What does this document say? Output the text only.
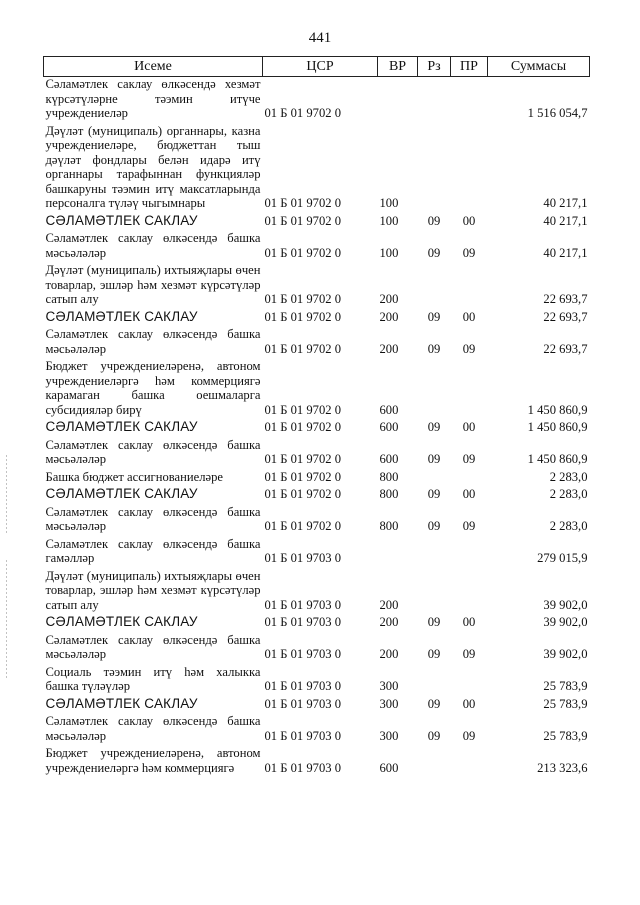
441
Исеме	ЦСР	ВР	Рз	ПР	Суммасы
Сәламәтлек саклау өлкәсендә хезмәт күрсәтүләрне тәэмин итүче учреждениеләр	01 Б 01 9702 0				1 516 054,7
Дәүләт (муниципаль) органнары, казна учреждениеләре, бюджеттан тыш дәүләт фондлары белән идарә итү органнары тарафыннан функцияләр башкаруны тәэмин итү максатларында персоналга түләү чыгымнары	01 Б 01 9702 0	100			40 217,1
СӘЛАМӘТЛЕК САКЛАУ	01 Б 01 9702 0	100	09	00	40 217,1
Сәламәтлек саклау өлкәсендә башка мәсьәләләр	01 Б 01 9702 0	100	09	09	40 217,1
Дәүләт (муниципаль) ихтыяҗлары өчен товарлар, эшләр һәм хезмәт күрсәтүләр сатып алу	01 Б 01 9702 0	200			22 693,7
СӘЛАМӘТЛЕК САКЛАУ	01 Б 01 9702 0	200	09	00	22 693,7
Сәламәтлек саклау өлкәсендә башка мәсьәләләр	01 Б 01 9702 0	200	09	09	22 693,7
Бюджет учреждениеләренә, автоном учреждениеләргә һәм коммерциягә карамаган башка оешмаларга субсидияләр бирү	01 Б 01 9702 0	600			1 450 860,9
СӘЛАМӘТЛЕК САКЛАУ	01 Б 01 9702 0	600	09	00	1 450 860,9
Сәламәтлек саклау өлкәсендә башка мәсьәләләр	01 Б 01 9702 0	600	09	09	1 450 860,9
Башка бюджет ассигнованиеләре	01 Б 01 9702 0	800			2 283,0
СӘЛАМӘТЛЕК САКЛАУ	01 Б 01 9702 0	800	09	00	2 283,0
Сәламәтлек саклау өлкәсендә башка мәсьәләләр	01 Б 01 9702 0	800	09	09	2 283,0
Сәламәтлек саклау өлкәсендә башка гамәлләр	01 Б 01 9703 0				279 015,9
Дәүләт (муниципаль) ихтыяҗлары өчен товарлар, эшләр һәм хезмәт күрсәтүләр сатып алу	01 Б 01 9703 0	200			39 902,0
СӘЛАМӘТЛЕК САКЛАУ	01 Б 01 9703 0	200	09	00	39 902,0
Сәламәтлек саклау өлкәсендә башка мәсьәләләр	01 Б 01 9703 0	200	09	09	39 902,0
Социаль тәэмин итү һәм халыкка башка түләүләр	01 Б 01 9703 0	300			25 783,9
СӘЛАМӘТЛЕК САКЛАУ	01 Б 01 9703 0	300	09	00	25 783,9
Сәламәтлек саклау өлкәсендә башка мәсьәләләр	01 Б 01 9703 0	300	09	09	25 783,9
Бюджет учреждениеләренә, автоном учреждениеләргә һәм коммерциягә	01 Б 01 9703 0	600			213 323,6
